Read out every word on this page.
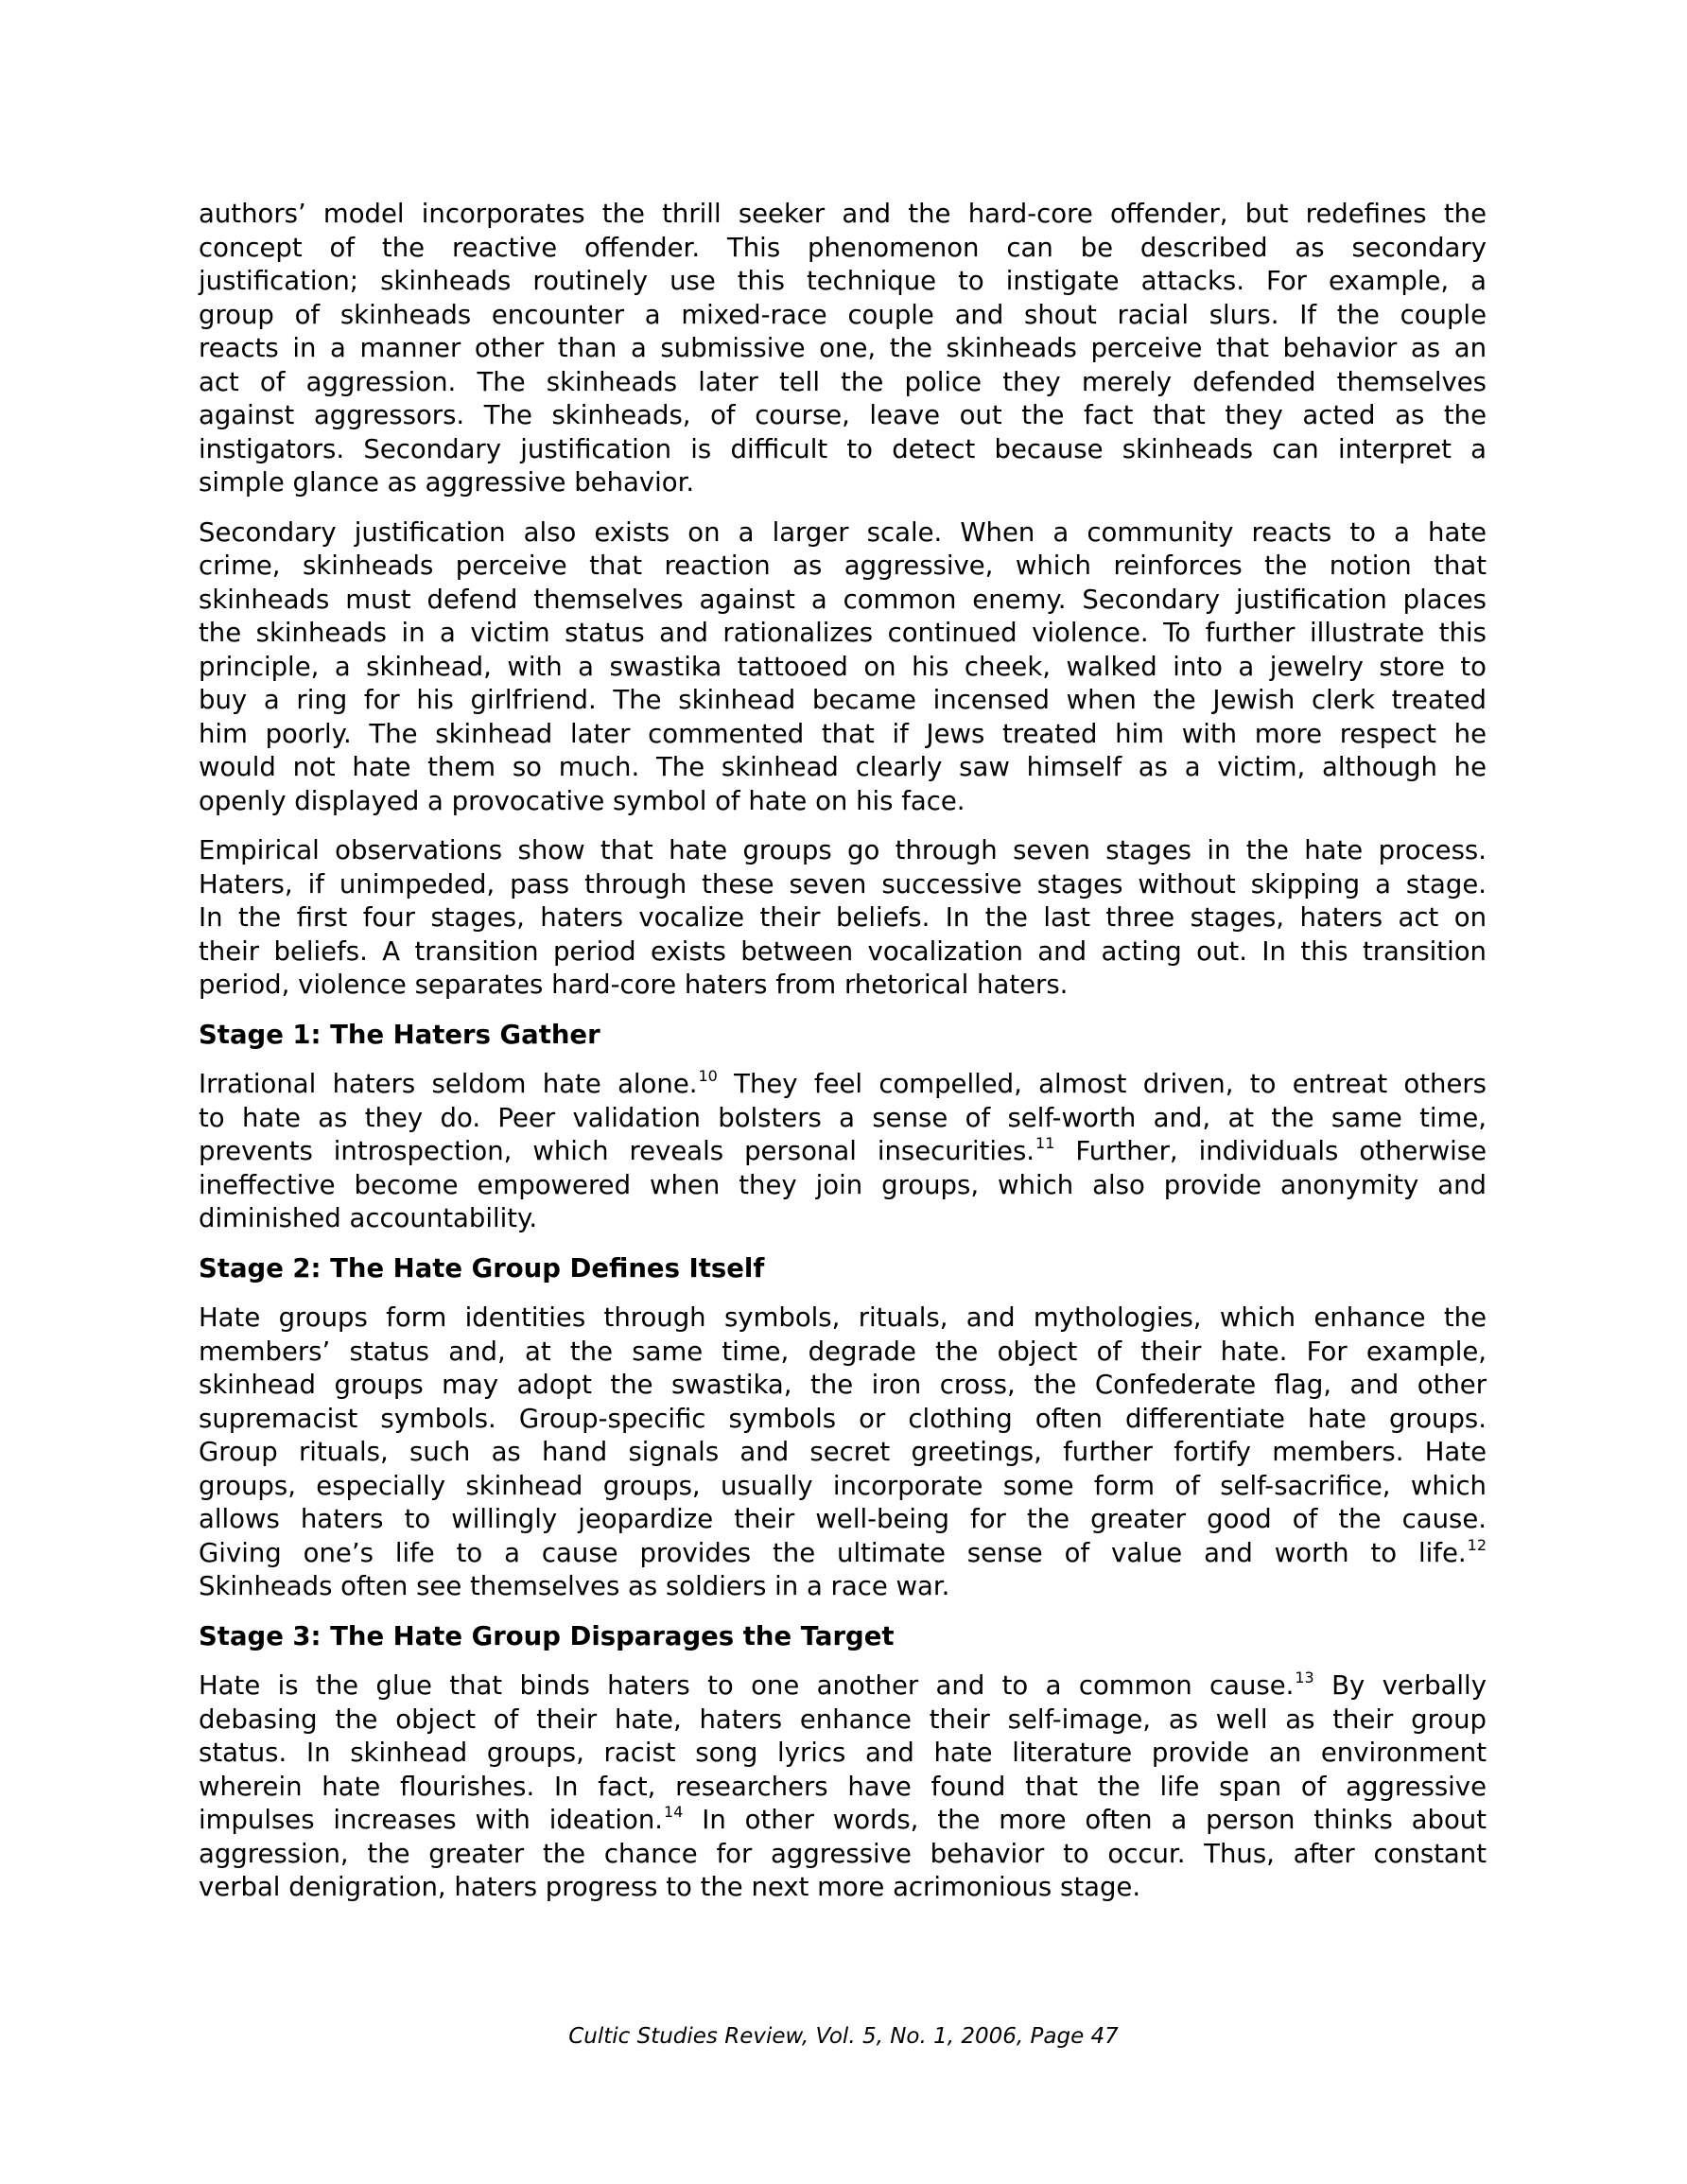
authors’ model incorporates the thrill seeker and the hard-core offender, but redefines the
concept of the reactive offender. This phenomenon can be described as secondary
justification; skinheads routinely use this technique to instigate attacks. For example, a
group of skinheads encounter a mixed-race couple and shout racial slurs. If the couple
reacts in a manner other than a submissive one, the skinheads perceive that behavior as an
act of aggression. The skinheads later tell the police they merely defended themselves
against aggressors. The skinheads, of course, leave out the fact that they acted as the
instigators. Secondary justification is difficult to detect because skinheads can interpret a
simple glance as aggressive behavior.
Secondary justification also exists on a larger scale. When a community reacts to a hate
crime, skinheads perceive that reaction as aggressive, which reinforces the notion that
skinheads must defend themselves against a common enemy. Secondary justification places
the skinheads in a victim status and rationalizes continued violence. To further illustrate this
principle, a skinhead, with a swastika tattooed on his cheek, walked into a jewelry store to
buy a ring for his girlfriend. The skinhead became incensed when the Jewish clerk treated
him poorly. The skinhead later commented that if Jews treated him with more respect he
would not hate them so much. The skinhead clearly saw himself as a victim, although he
openly displayed a provocative symbol of hate on his face.
Empirical observations show that hate groups go through seven stages in the hate process.
Haters, if unimpeded, pass through these seven successive stages without skipping a stage.
In the first four stages, haters vocalize their beliefs. In the last three stages, haters act on
their beliefs. A transition period exists between vocalization and acting out. In this transition
period, violence separates hard-core haters from rhetorical haters.
Stage 1: The Haters Gather
Irrational haters seldom hate alone.$^{10}$ They feel compelled, almost driven, to entreat others
to hate as they do. Peer validation bolsters a sense of self-worth and, at the same time,
prevents introspection, which reveals personal insecurities.$^{11}$ Further, individuals otherwise
ineffective become empowered when they join groups, which also provide anonymity and
diminished accountability.
Stage 2: The Hate Group Defines Itself
Hate groups form identities through symbols, rituals, and mythologies, which enhance the
members’ status and, at the same time, degrade the object of their hate. For example,
skinhead groups may adopt the swastika, the iron cross, the Confederate flag, and other
supremacist symbols. Group-specific symbols or clothing often differentiate hate groups.
Group rituals, such as hand signals and secret greetings, further fortify members. Hate
groups, especially skinhead groups, usually incorporate some form of self-sacrifice, which
allows haters to willingly jeopardize their well-being for the greater good of the cause.
Giving one’s life to a cause provides the ultimate sense of value and worth to life.$^{12}$
Skinheads often see themselves as soldiers in a race war.
Stage 3: The Hate Group Disparages the Target
Hate is the glue that binds haters to one another and to a common cause.$^{13}$ By verbally
debasing the object of their hate, haters enhance their self-image, as well as their group
status. In skinhead groups, racist song lyrics and hate literature provide an environment
wherein hate flourishes. In fact, researchers have found that the life span of aggressive
impulses increases with ideation.$^{14}$ In other words, the more often a person thinks about
aggression, the greater the chance for aggressive behavior to occur. Thus, after constant
verbal denigration, haters progress to the next more acrimonious stage.
Cultic Studies Review, Vol. 5, No. 1, 2006, Page 47
